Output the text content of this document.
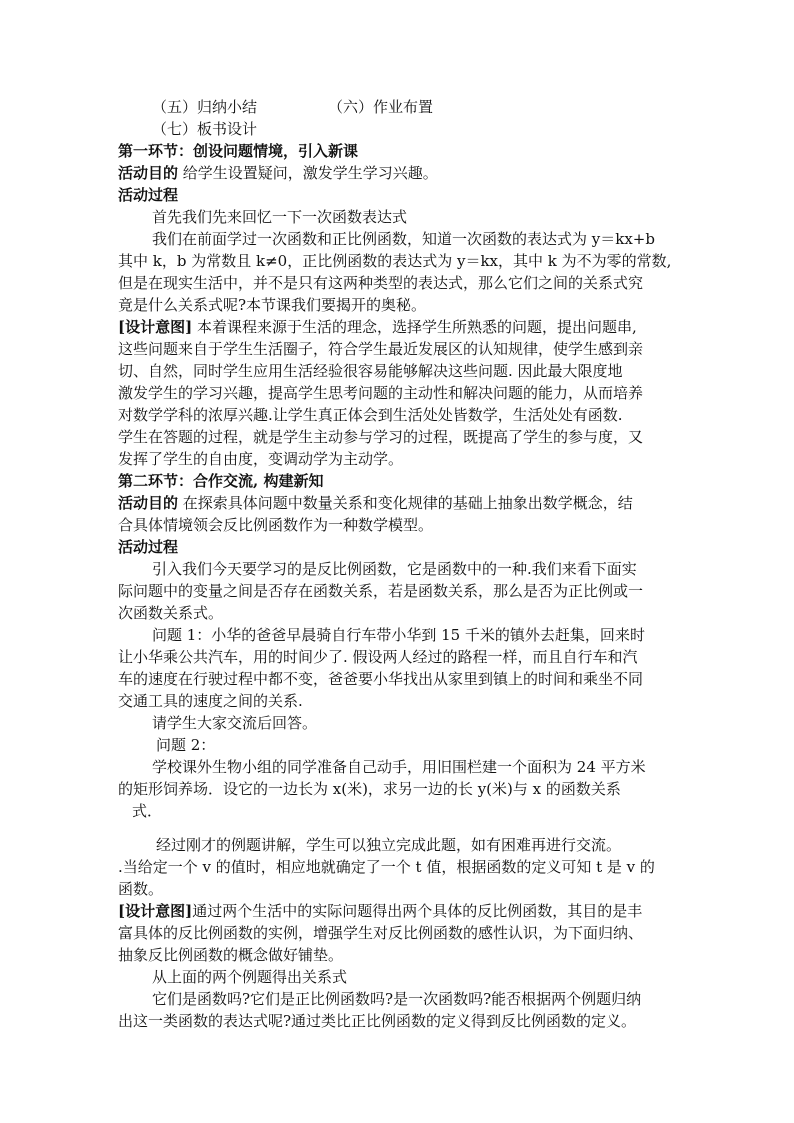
（五）归纳小结	（六）作业布置
（七）板书设计
第一环节：创设问题情境，引入新课
活动目的 给学生设置疑问，激发学生学习兴趣。
活动过程
首先我们先来回忆一下一次函数表达式
我们在前面学过一次函数和正比例函数，知道一次函数的表达式为 y＝kx+b
其中 k，b 为常数且 k≠0，正比例函数的表达式为 y＝kx，其中 k 为不为零的常数,
但是在现实生活中，并不是只有这两种类型的表达式，那么它们之间的关系式究
竟是什么关系式呢?本节课我们要揭开的奥秘。
[设计意图] 本着课程来源于生活的理念，选择学生所熟悉的问题，提出问题串,
这些问题来自于学生生活圈子，符合学生最近发展区的认知规律，使学生感到亲
切、自然，同时学生应用生活经验很容易能够解决这些问题. 因此最大限度地
激发学生的学习兴趣，提高学生思考问题的主动性和解决问题的能力，从而培养
对数学学科的浓厚兴趣.让学生真正体会到生活处处皆数学，生活处处有函数.
学生在答题的过程，就是学生主动参与学习的过程，既提高了学生的参与度，又
发挥了学生的自由度，变调动学为主动学。
第二环节：合作交流, 构建新知
活动目的 在探索具体问题中数量关系和变化规律的基础上抽象出数学概念，结
合具体情境领会反比例函数作为一种数学模型。
活动过程
引入我们今天要学习的是反比例函数，它是函数中的一种.我们来看下面实
际问题中的变量之间是否存在函数关系，若是函数关系，那么是否为正比例或一
次函数关系式。
问题 1：小华的爸爸早晨骑自行车带小华到 15 千米的镇外去赶集，回来时
让小华乘公共汽车，用的时间少了. 假设两人经过的路程一样，而且自行车和汽
车的速度在行驶过程中都不变，爸爸要小华找出从家里到镇上的时间和乘坐不同
交通工具的速度之间的关系.
请学生大家交流后回答。
问题 2：
学校课外生物小组的同学准备自己动手，用旧围栏建一个面积为 24 平方米
的矩形饲养场．设它的一边长为 x(米)，求另一边的长 y(米)与 x 的函数关系
式．
经过刚才的例题讲解，学生可以独立完成此题，如有困难再进行交流。
.当给定一个 v 的值时，相应地就确定了一个 t 值，根据函数的定义可知 t 是 v 的
函数。
[设计意图]通过两个生活中的实际问题得出两个具体的反比例函数，其目的是丰
富具体的反比例函数的实例，增强学生对反比例函数的感性认识，为下面归纳、
抽象反比例函数的概念做好铺垫。
从上面的两个例题得出关系式
它们是函数吗?它们是正比例函数吗?是一次函数吗?能否根据两个例题归纳
出这一类函数的表达式呢?通过类比正比例函数的定义得到反比例函数的定义。
